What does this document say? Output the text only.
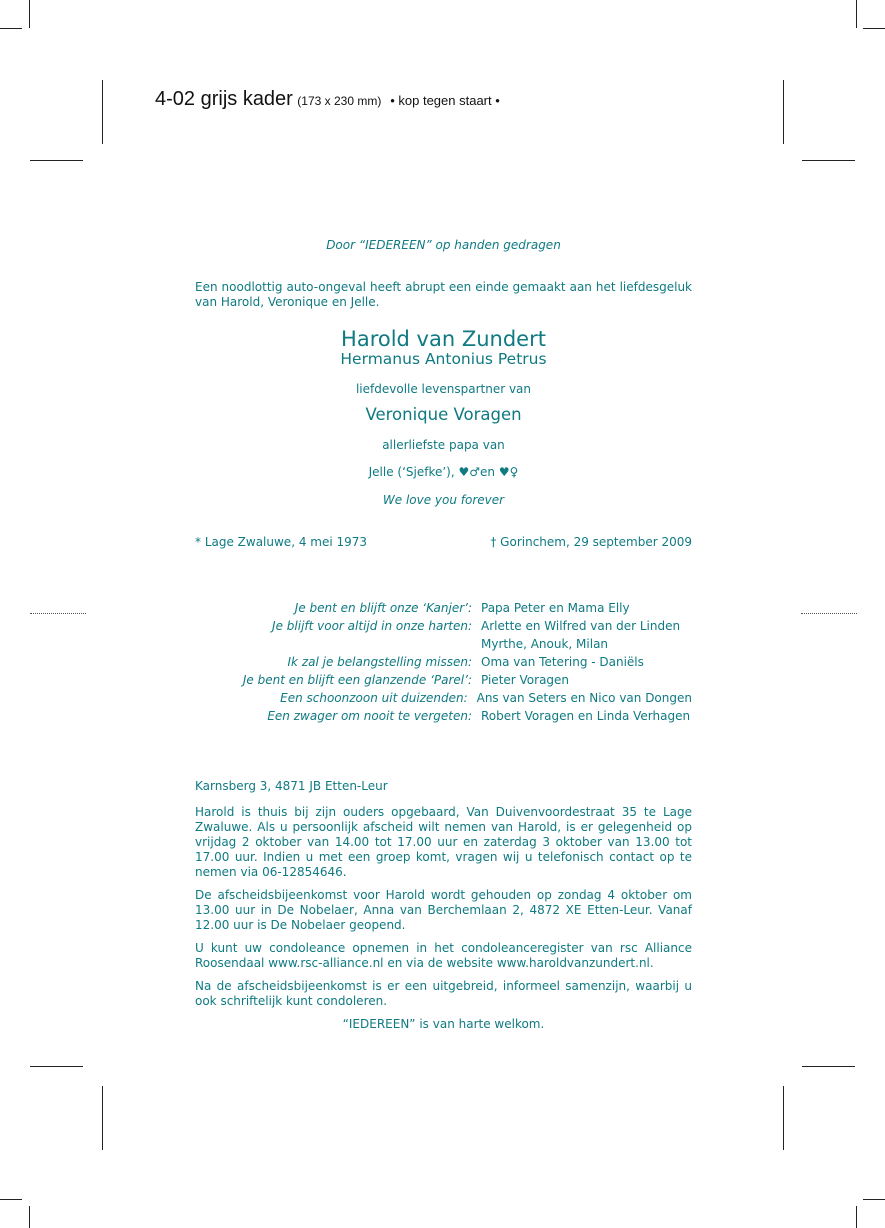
4-02 grijs kader (173 x 230 mm) • kop tegen staart •
Door “IEDEREEN” op handen gedragen
Een noodlottig auto-ongeval heeft abrupt een einde gemaakt aan het liefdesgeluk van Harold, Veronique en Jelle.
Harold van Zundert
Hermanus Antonius Petrus
liefdevolle levenspartner van
Veronique Voragen
allerliefste papa van
Jelle (‘Sjefke’), ♥♂en ♥♀
We love you forever
* Lage Zwaluwe, 4 mei 1973	† Gorinchem, 29 september 2009
Je bent en blijft onze ‘Kanjer’: Papa Peter en Mama Elly
Je blijft voor altijd in onze harten: Arlette en Wilfred van der Linden
Myrthe, Anouk, Milan
Ik zal je belangstelling missen: Oma van Tetering - Daniëls
Je bent en blijft een glanzende ‘Parel’: Pieter Voragen
Een schoonzoon uit duizenden: Ans van Seters en Nico van Dongen
Een zwager om nooit te vergeten: Robert Voragen en Linda Verhagen

Karnsberg 3, 4871 JB Etten-Leur

Harold is thuis bij zijn ouders opgebaard, Van Duivenvoordestraat 35 te Lage Zwaluwe. Als u persoonlijk afscheid wilt nemen van Harold, is er gelegenheid op vrijdag 2 oktober van 14.00 tot 17.00 uur en zaterdag 3 oktober van 13.00 tot 17.00 uur. Indien u met een groep komt, vragen wij u telefonisch contact op te nemen via 06-12854646.

De afscheidsbijeenkomst voor Harold wordt gehouden op zondag 4 oktober om 13.00 uur in De Nobelaer, Anna van Berchemlaan 2, 4872 XE Etten-Leur. Vanaf 12.00 uur is De Nobelaer geopend.

U kunt uw condoleance opnemen in het condoleanceregister van rsc Alliance Roosendaal www.rsc-alliance.nl en via de website www.haroldvanzundert.nl.

Na de afscheidsbijeenkomst is er een uitgebreid, informeel samenzijn, waarbij u ook schriftelijk kunt condoleren.

“IEDEREEN” is van harte welkom.
